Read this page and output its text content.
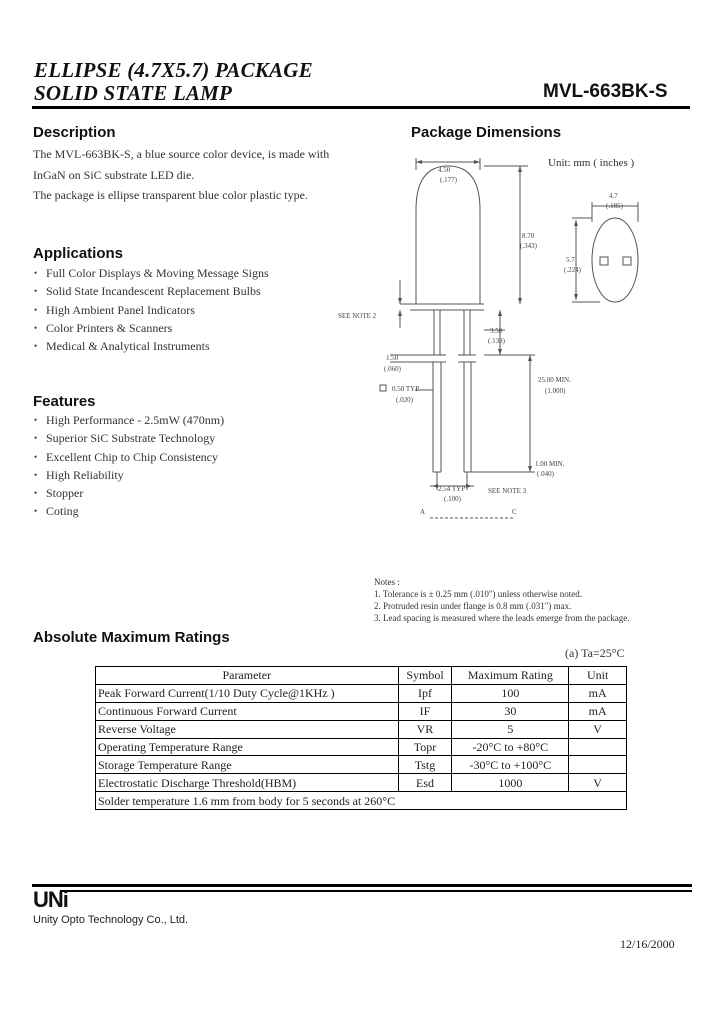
ELLIPSE (4.7X5.7) PACKAGE
SOLID STATE LAMP	MVL-663BK-S
Description

The MVL-663BK-S, a blue source color device, is made with

InGaN on SiC substrate LED die.

The package is ellipse transparent blue color plastic type.

Applications
• Full Color Displays & Moving Message Signs
• Solid State Incandescent Replacement Bulbs
• High Ambient Panel Indicators
• Color Printers & Scanners
• Medical & Analytical Instruments
Features
• High Performance - 2.5mW (470nm)
• Superior SiC Substrate Technology
• Excellent Chip to Chip Consistency
• High Reliability
• Stopper
• Coting
Package Dimensions
Unit: mm ( inches )
4.50
(.177)
8.70
(.343)
4.7
(.185)
5.7
(.224)
3.50
(.138)
1.50
(.060)
0.50 TYP
(.020)
25.00 MIN.
(1.000)
1.00 MIN.
(.040)
2.54 TYP
(.100)
SEE NOTE 2
SEE NOTE 3
A	C
Notes :
1. Tolerance is ± 0.25 mm (.010") unless otherwise noted.
2. Protruded resin under flange is 0.8 mm (.031") max.
3. Lead spacing is measured where the leads emerge from the package.
Absolute Maximum Ratings
(a) Ta=25°C
Parameter	Symbol	Maximum Rating	Unit
Peak Forward Current(1/10 Duty Cycle@1KHz )	Ipf	100	mA
Continuous Forward Current	IF	30	mA
Reverse Voltage	VR	5	V
Operating Temperature Range	Topr	-20°C to +80°C	
Storage Temperature Range	Tstg	-30°C to +100°C	
Electrostatic Discharge Threshold(HBM)	Esd	1000	V
Solder temperature 1.6 mm from body for 5 seconds at 260°C			
UNi
Unity Opto Technology Co., Ltd.
12/16/2000
